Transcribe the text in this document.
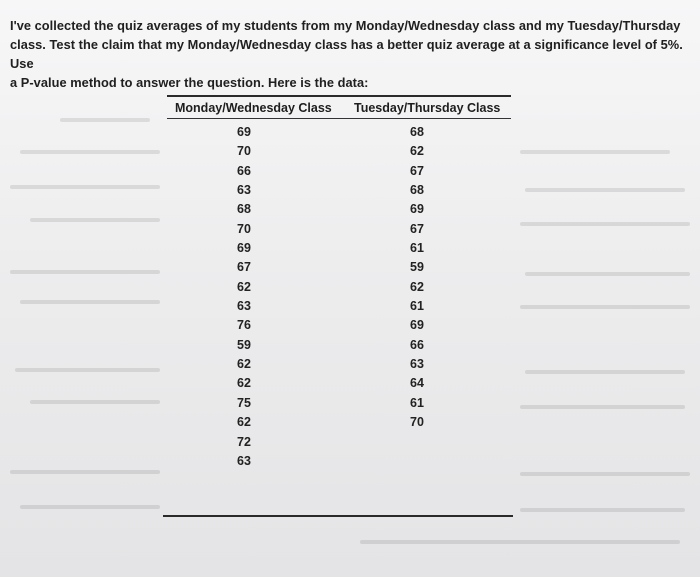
I've collected the quiz averages of my students from my Monday/Wednesday class and my Tuesday/Thursday
class. Test the claim that my Monday/Wednesday class has a better quiz average at a significance level of 5%. Use
a P-value method to answer the question. Here is the data:
Monday/Wednesday Class Tuesday/Thursday Class
69
70
66
63
68
70
69
67
62
63
76
59
62
62
75
62
72
63
68
62
67
68
69
67
61
59
62
61
69
66
63
64
61
70
